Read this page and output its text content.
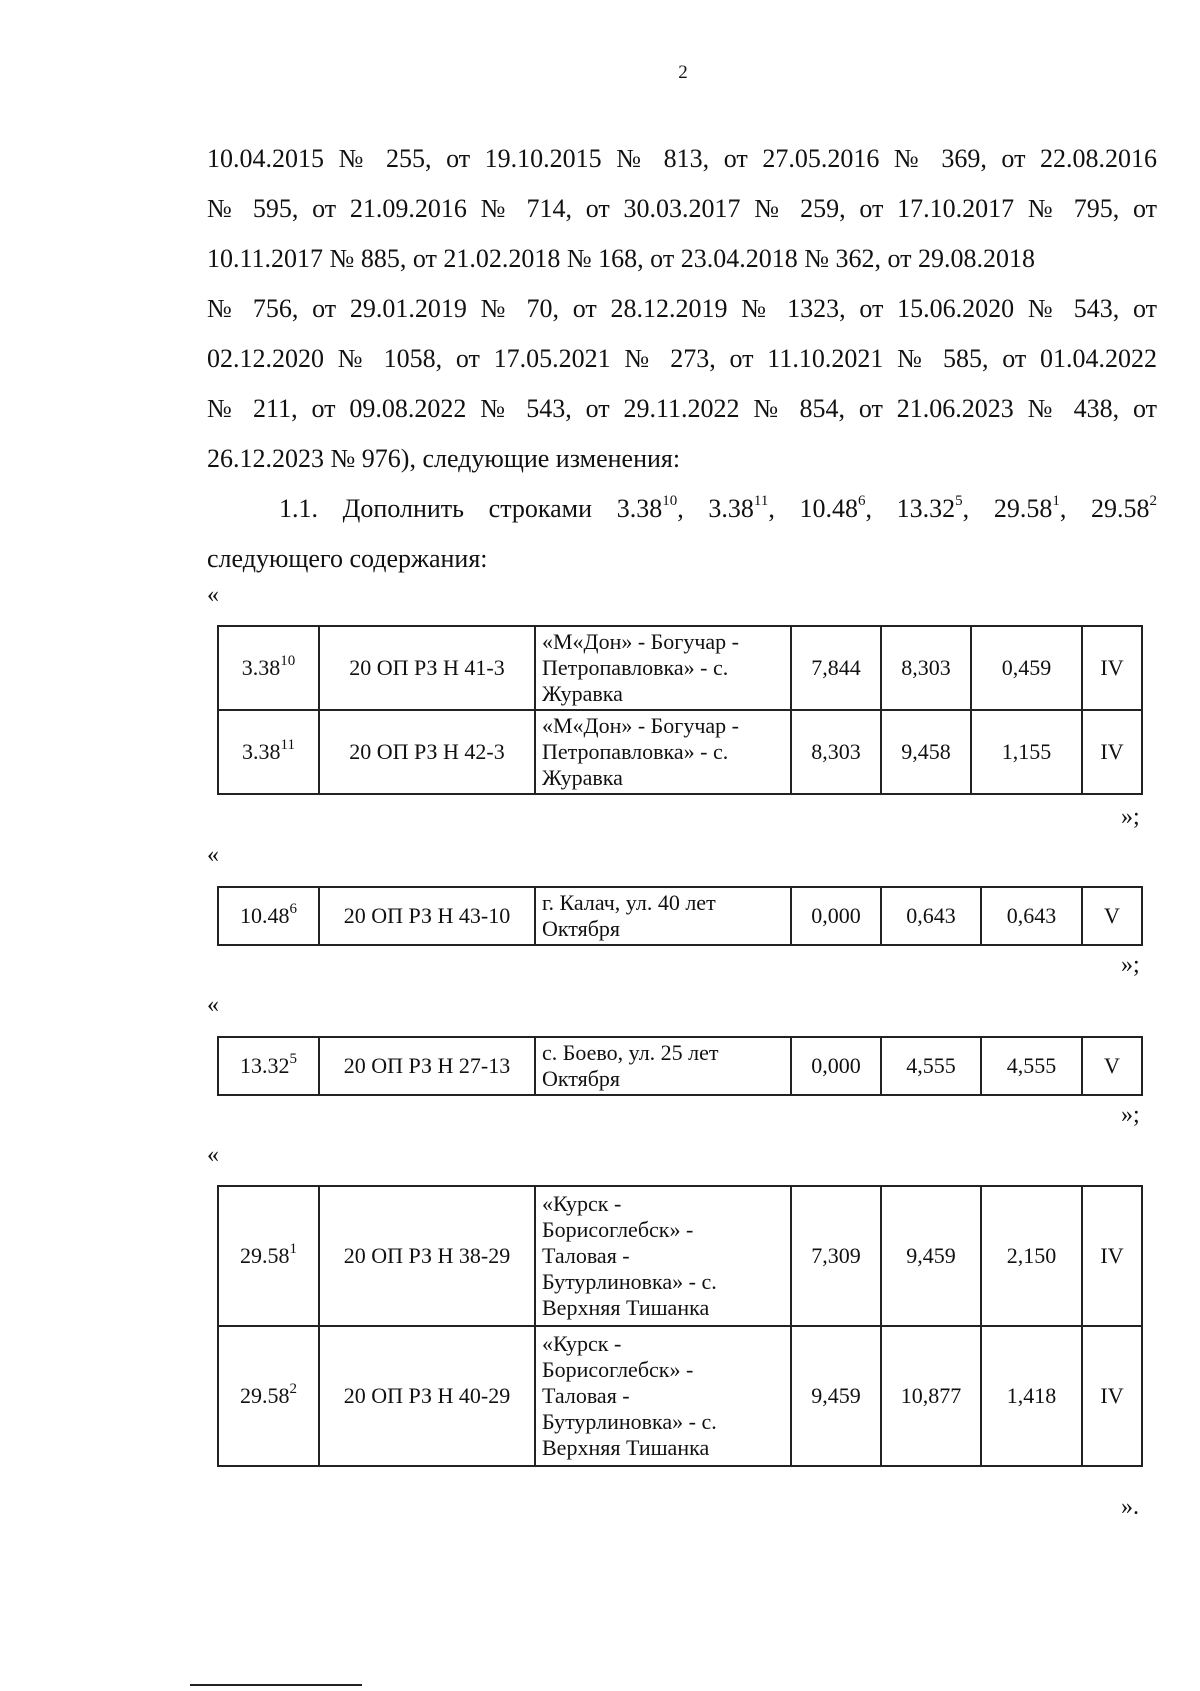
2
10.04.2015 № 255, от 19.10.2015 № 813, от 27.05.2016 № 369, от 22.08.2016
№ 595, от 21.09.2016 № 714, от 30.03.2017 № 259, от 17.10.2017 № 795, от
10.11.2017 № 885, от 21.02.2018 № 168, от 23.04.2018 № 362, от 29.08.2018
№ 756, от 29.01.2019 № 70, от 28.12.2019 № 1323, от 15.06.2020 № 543, от
02.12.2020 № 1058, от 17.05.2021 № 273, от 11.10.2021 № 585, от 01.04.2022
№ 211, от 09.08.2022 № 543, от 29.11.2022 № 854, от 21.06.2023 № 438, от
26.12.2023 № 976), следующие изменения:
1.1. Дополнить строками 3.38$^{10}$, 3.38$^{11}$, 10.48$^6$, 13.32$^5$, 29.58$^1$, 29.58$^2$
следующего содержания:
«
3.38$^{10}$	20 ОП РЗ Н 41-3	«М«Дон» - Богучар -
Петропавловка» - с.
Журавка	7,844	8,303	0,459	IV
3.38$^{11}$	20 ОП РЗ Н 42-3	«М«Дон» - Богучар -
Петропавловка» - с.
Журавка	8,303	9,458	1,155	IV
»;
«
10.48$^6$	20 ОП РЗ Н 43-10	г. Калач, ул. 40 лет
Октября	0,000	0,643	0,643	V
»;
«
13.32$^5$	20 ОП РЗ Н 27-13	с. Боево, ул. 25 лет
Октября	0,000	4,555	4,555	V
»;
«
29.58$^1$	20 ОП РЗ Н 38-29	«Курск -
Борисоглебск» -
Таловая -
Бутурлиновка» - с.
Верхняя Тишанка	7,309	9,459	2,150	IV
29.58$^2$	20 ОП РЗ Н 40-29	«Курск -
Борисоглебск» -
Таловая -
Бутурлиновка» - с.
Верхняя Тишанка	9,459	10,877	1,418	IV
».
